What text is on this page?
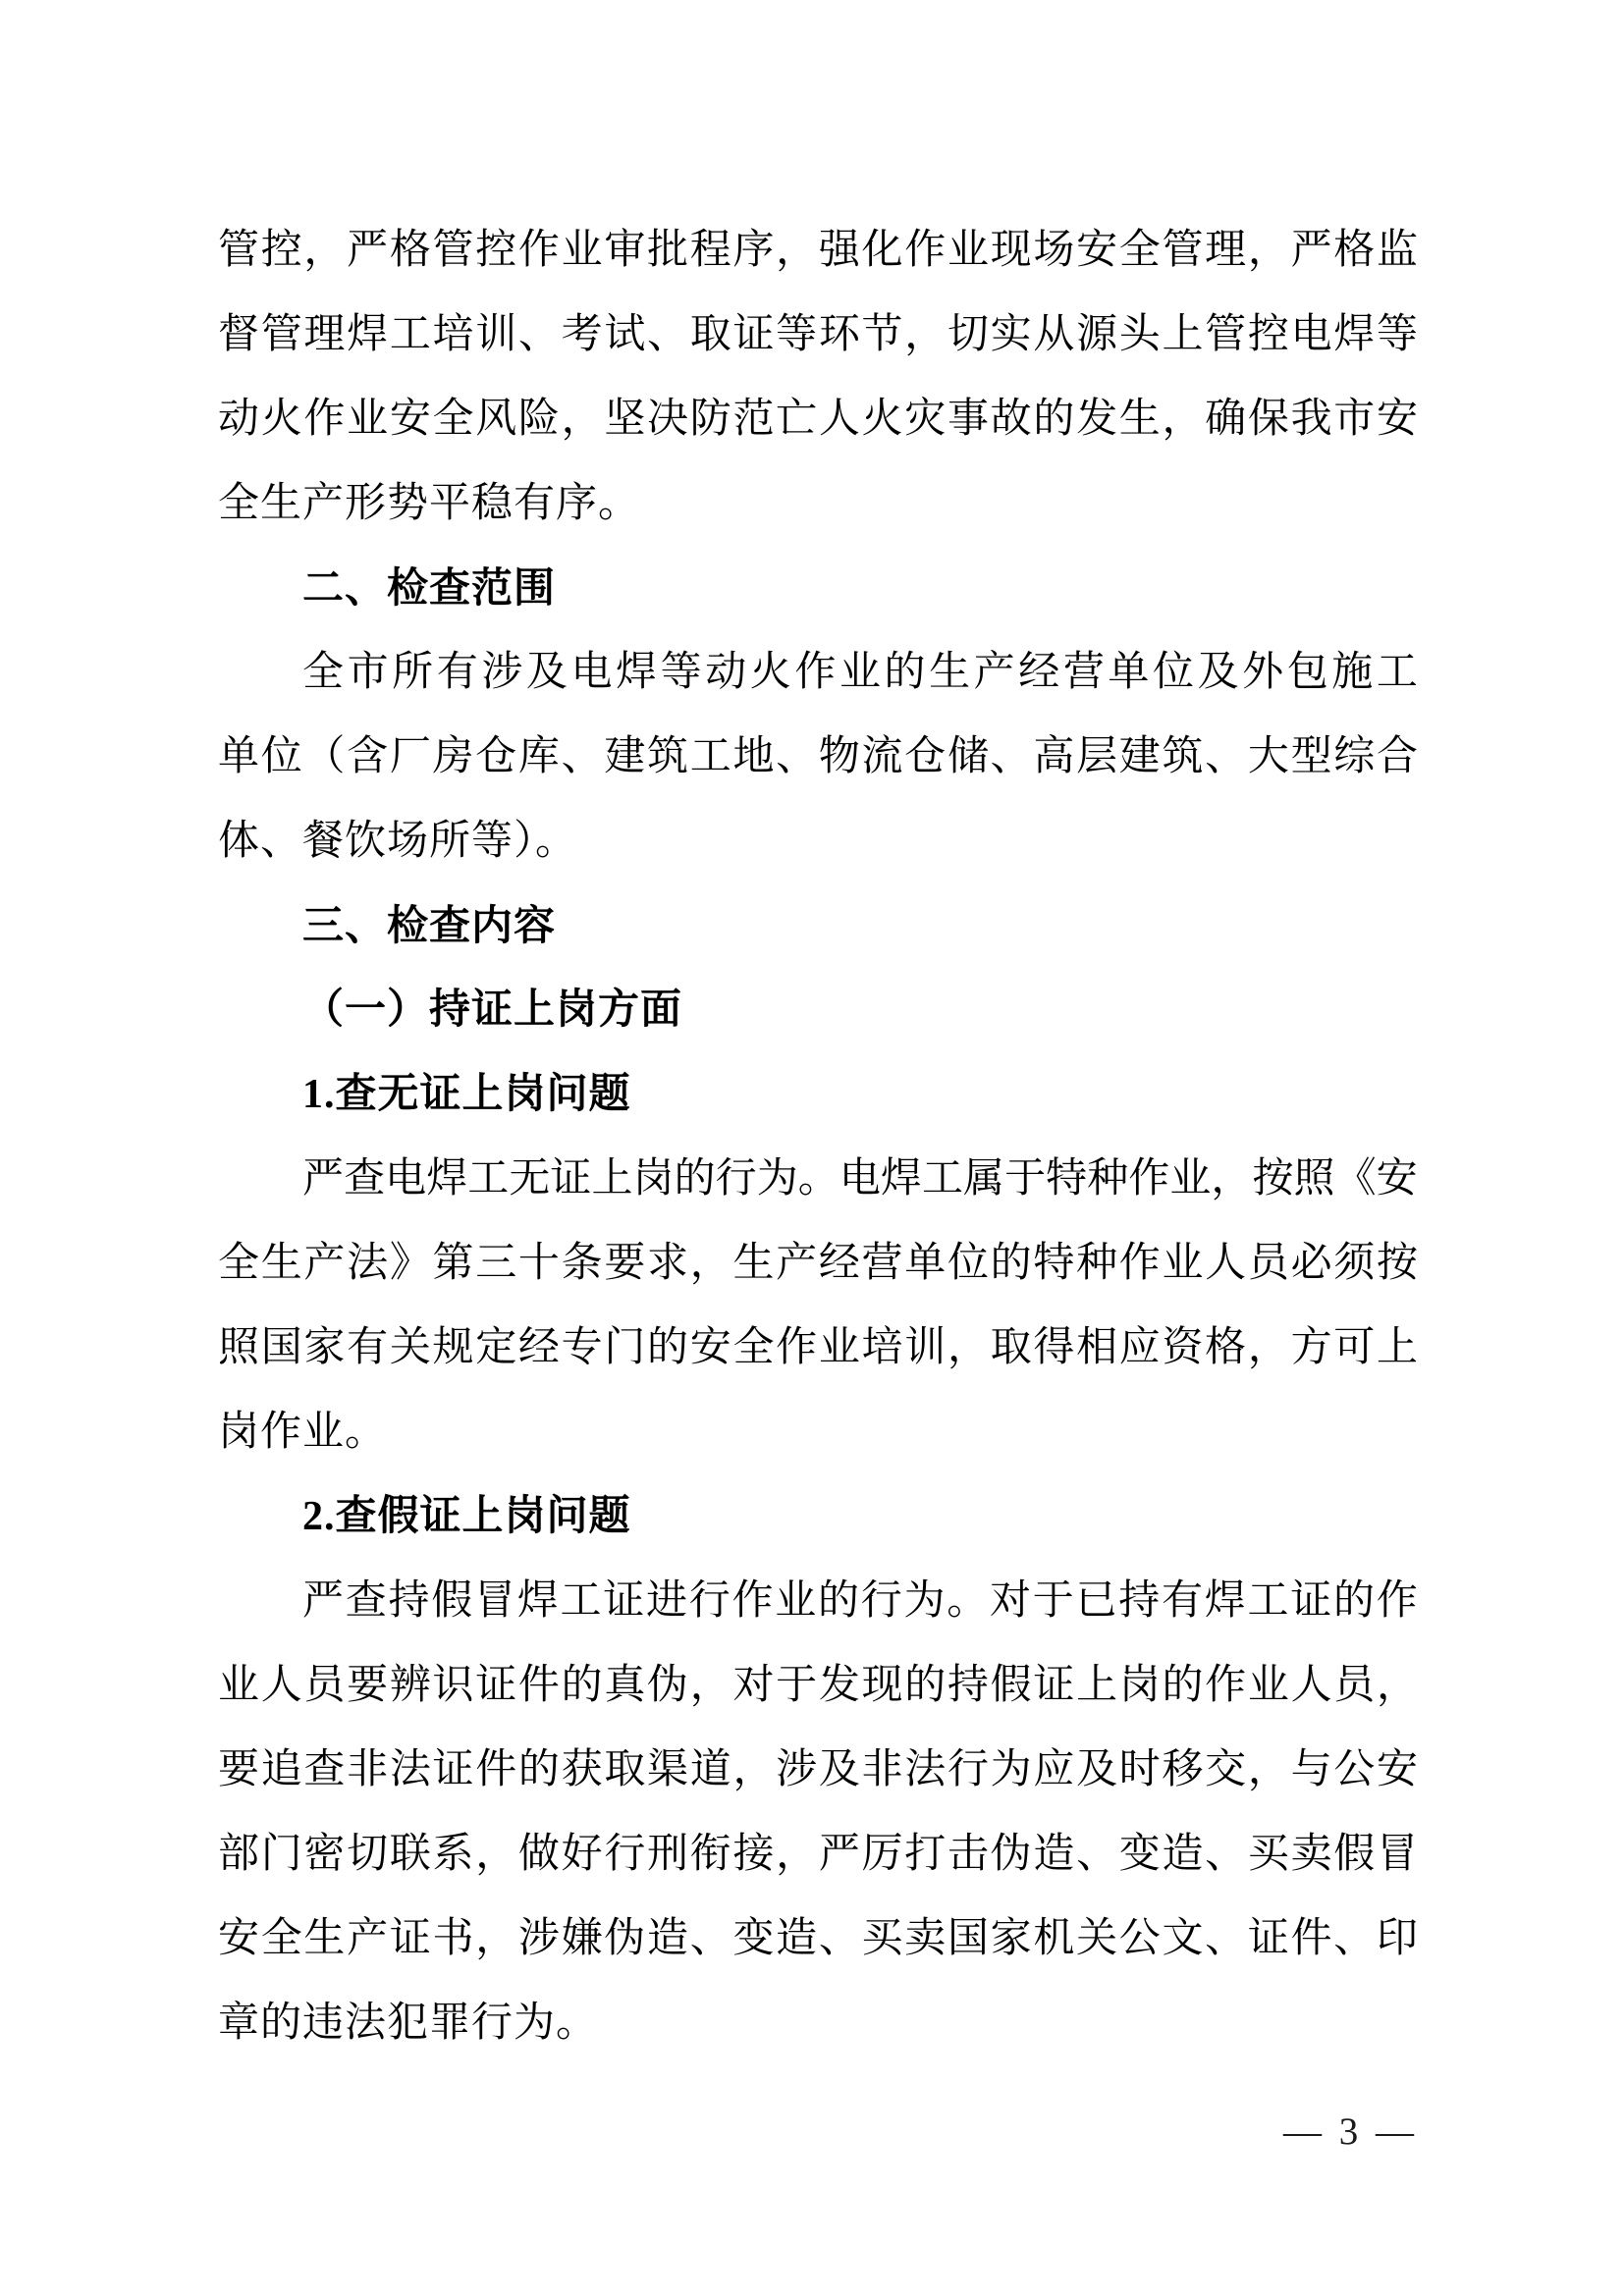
管 控 ， 严 格 管 控 作 业 审 批 程 序 ， 强 化 作 业 现 场 安 全 管 理 ， 严 格 监
督 管 理 焊 工 培 训 、 考 试 、 取 证 等 环 节 ， 切 实 从 源 头 上 管 控 电 焊 等
动 火 作 业 安 全 风 险 ， 坚 决 防 范 亡 人 火 灾 事 故 的 发 生 ， 确 保 我 市 安
全生产形势平稳有序。
二、检查范围
全 市 所 有 涉 及 电 焊 等 动 火 作 业 的 生 产 经 营 单 位 及 外 包 施 工
单 位 （ 含 厂 房 仓 库 、 建 筑 工 地 、 物 流 仓 储 、 高 层 建 筑 、 大 型 综 合
体、餐饮场所等）。
三、检查内容
（一）持证上岗方面
1.查无证上岗问题
严 查 电 焊 工 无 证 上 岗 的 行 为 。 电 焊 工 属 于 特 种 作 业 ， 按 照 《 安
全 生 产 法 》 第 三 十 条 要 求 ， 生 产 经 营 单 位 的 特 种 作 业 人 员 必 须 按
照 国 家 有 关 规 定 经 专 门 的 安 全 作 业 培 训 ， 取 得 相 应 资 格 ， 方 可 上
岗作业。
2.查假证上岗问题
严 查 持 假 冒 焊 工 证 进 行 作 业 的 行 为 。 对 于 已 持 有 焊 工 证 的 作
业 人 员 要 辨 识 证 件 的 真 伪 ， 对 于 发 现 的 持 假 证 上 岗 的 作 业 人 员 ，
要 追 查 非 法 证 件 的 获 取 渠 道 ， 涉 及 非 法 行 为 应 及 时 移 交 ， 与 公 安
部 门 密 切 联 系 ， 做 好 行 刑 衔 接 ， 严 厉 打 击 伪 造 、 变 造 、 买 卖 假 冒
安 全 生 产 证 书 ， 涉 嫌 伪 造 、 变 造 、 买 卖 国 家 机 关 公 文 、 证 件 、 印
章的违法犯罪行为。
— 3 —
